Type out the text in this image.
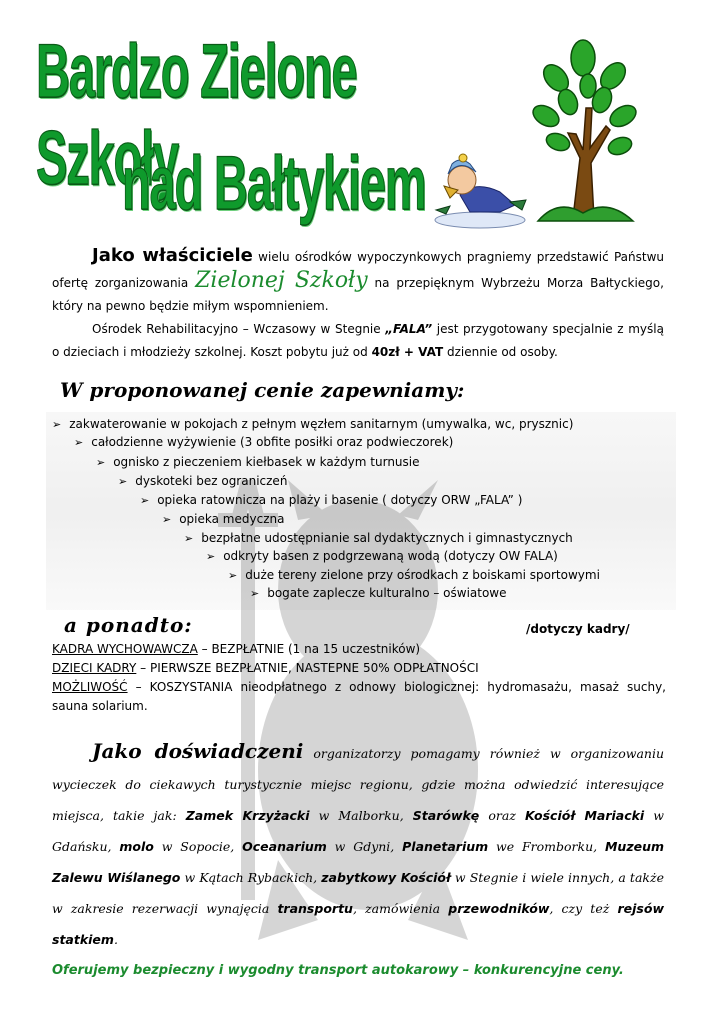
Bardzo Zielone Szkoły
nad Bałtykiem
Jako właściciele wielu ośrodków wypoczynkowych pragniemy przedstawić Państwu ofertę zorganizowania Zielonej Szkoły na przepięknym Wybrzeżu Morza Bałtyckiego, który na pewno będzie miłym wspomnieniem.
Ośrodek Rehabilitacyjno – Wczasowy w Stegnie „FALA” jest przygotowany specjalnie z myślą o dzieciach i młodzieży szkolnej. Koszt pobytu już od 40zł + VAT dziennie od osoby.
W proponowanej cenie zapewniamy:
➢ zakwaterowanie w pokojach z pełnym węzłem sanitarnym (umywalka, wc, prysznic)
➢ całodzienne wyżywienie (3 obfite posiłki oraz podwieczorek)
➢ ognisko z pieczeniem kiełbasek w każdym turnusie
➢ dyskoteki bez ograniczeń
➢ opieka ratownicza na plaży i basenie ( dotyczy ORW „FALA” )
➢ opieka medyczna
➢ bezpłatne udostępnianie sal dydaktycznych i gimnastycznych
➢ odkryty basen z podgrzewaną wodą (dotyczy OW FALA)
➢ duże tereny zielone przy ośrodkach z boiskami sportowymi
➢ bogate zaplecze kulturalno – oświatowe
a ponadto:	/dotyczy kadry/
KADRA WYCHOWAWCZA – BEZPŁATNIE (1 na 15 uczestników)
DZIECI KADRY – PIERWSZE BEZPŁATNIE, NASTEPNE 50% ODPŁATNOŚCI
MOŻLIWOŚĆ – KOSZYSTANIA nieodpłatnego z odnowy biologicznej: hydromasażu, masaż suchy, sauna solarium.
Jako doświadczeni organizatorzy pomagamy również w organizowaniu wycieczek do ciekawych turystycznie miejsc regionu, gdzie można odwiedzić interesujące miejsca, takie jak: Zamek Krzyżacki w Malborku, Starówkę oraz Kościół Mariacki w Gdańsku, molo w Sopocie, Oceanarium w Gdyni, Planetarium we Fromborku, Muzeum Zalewu Wiślanego w Kątach Rybackich, zabytkowy Kościół w Stegnie i wiele innych, a także w zakresie rezerwacji wynajęcia transportu, zamówienia przewodników, czy też rejsów statkiem.
Oferujemy bezpieczny i wygodny transport autokarowy – konkurencyjne ceny.
